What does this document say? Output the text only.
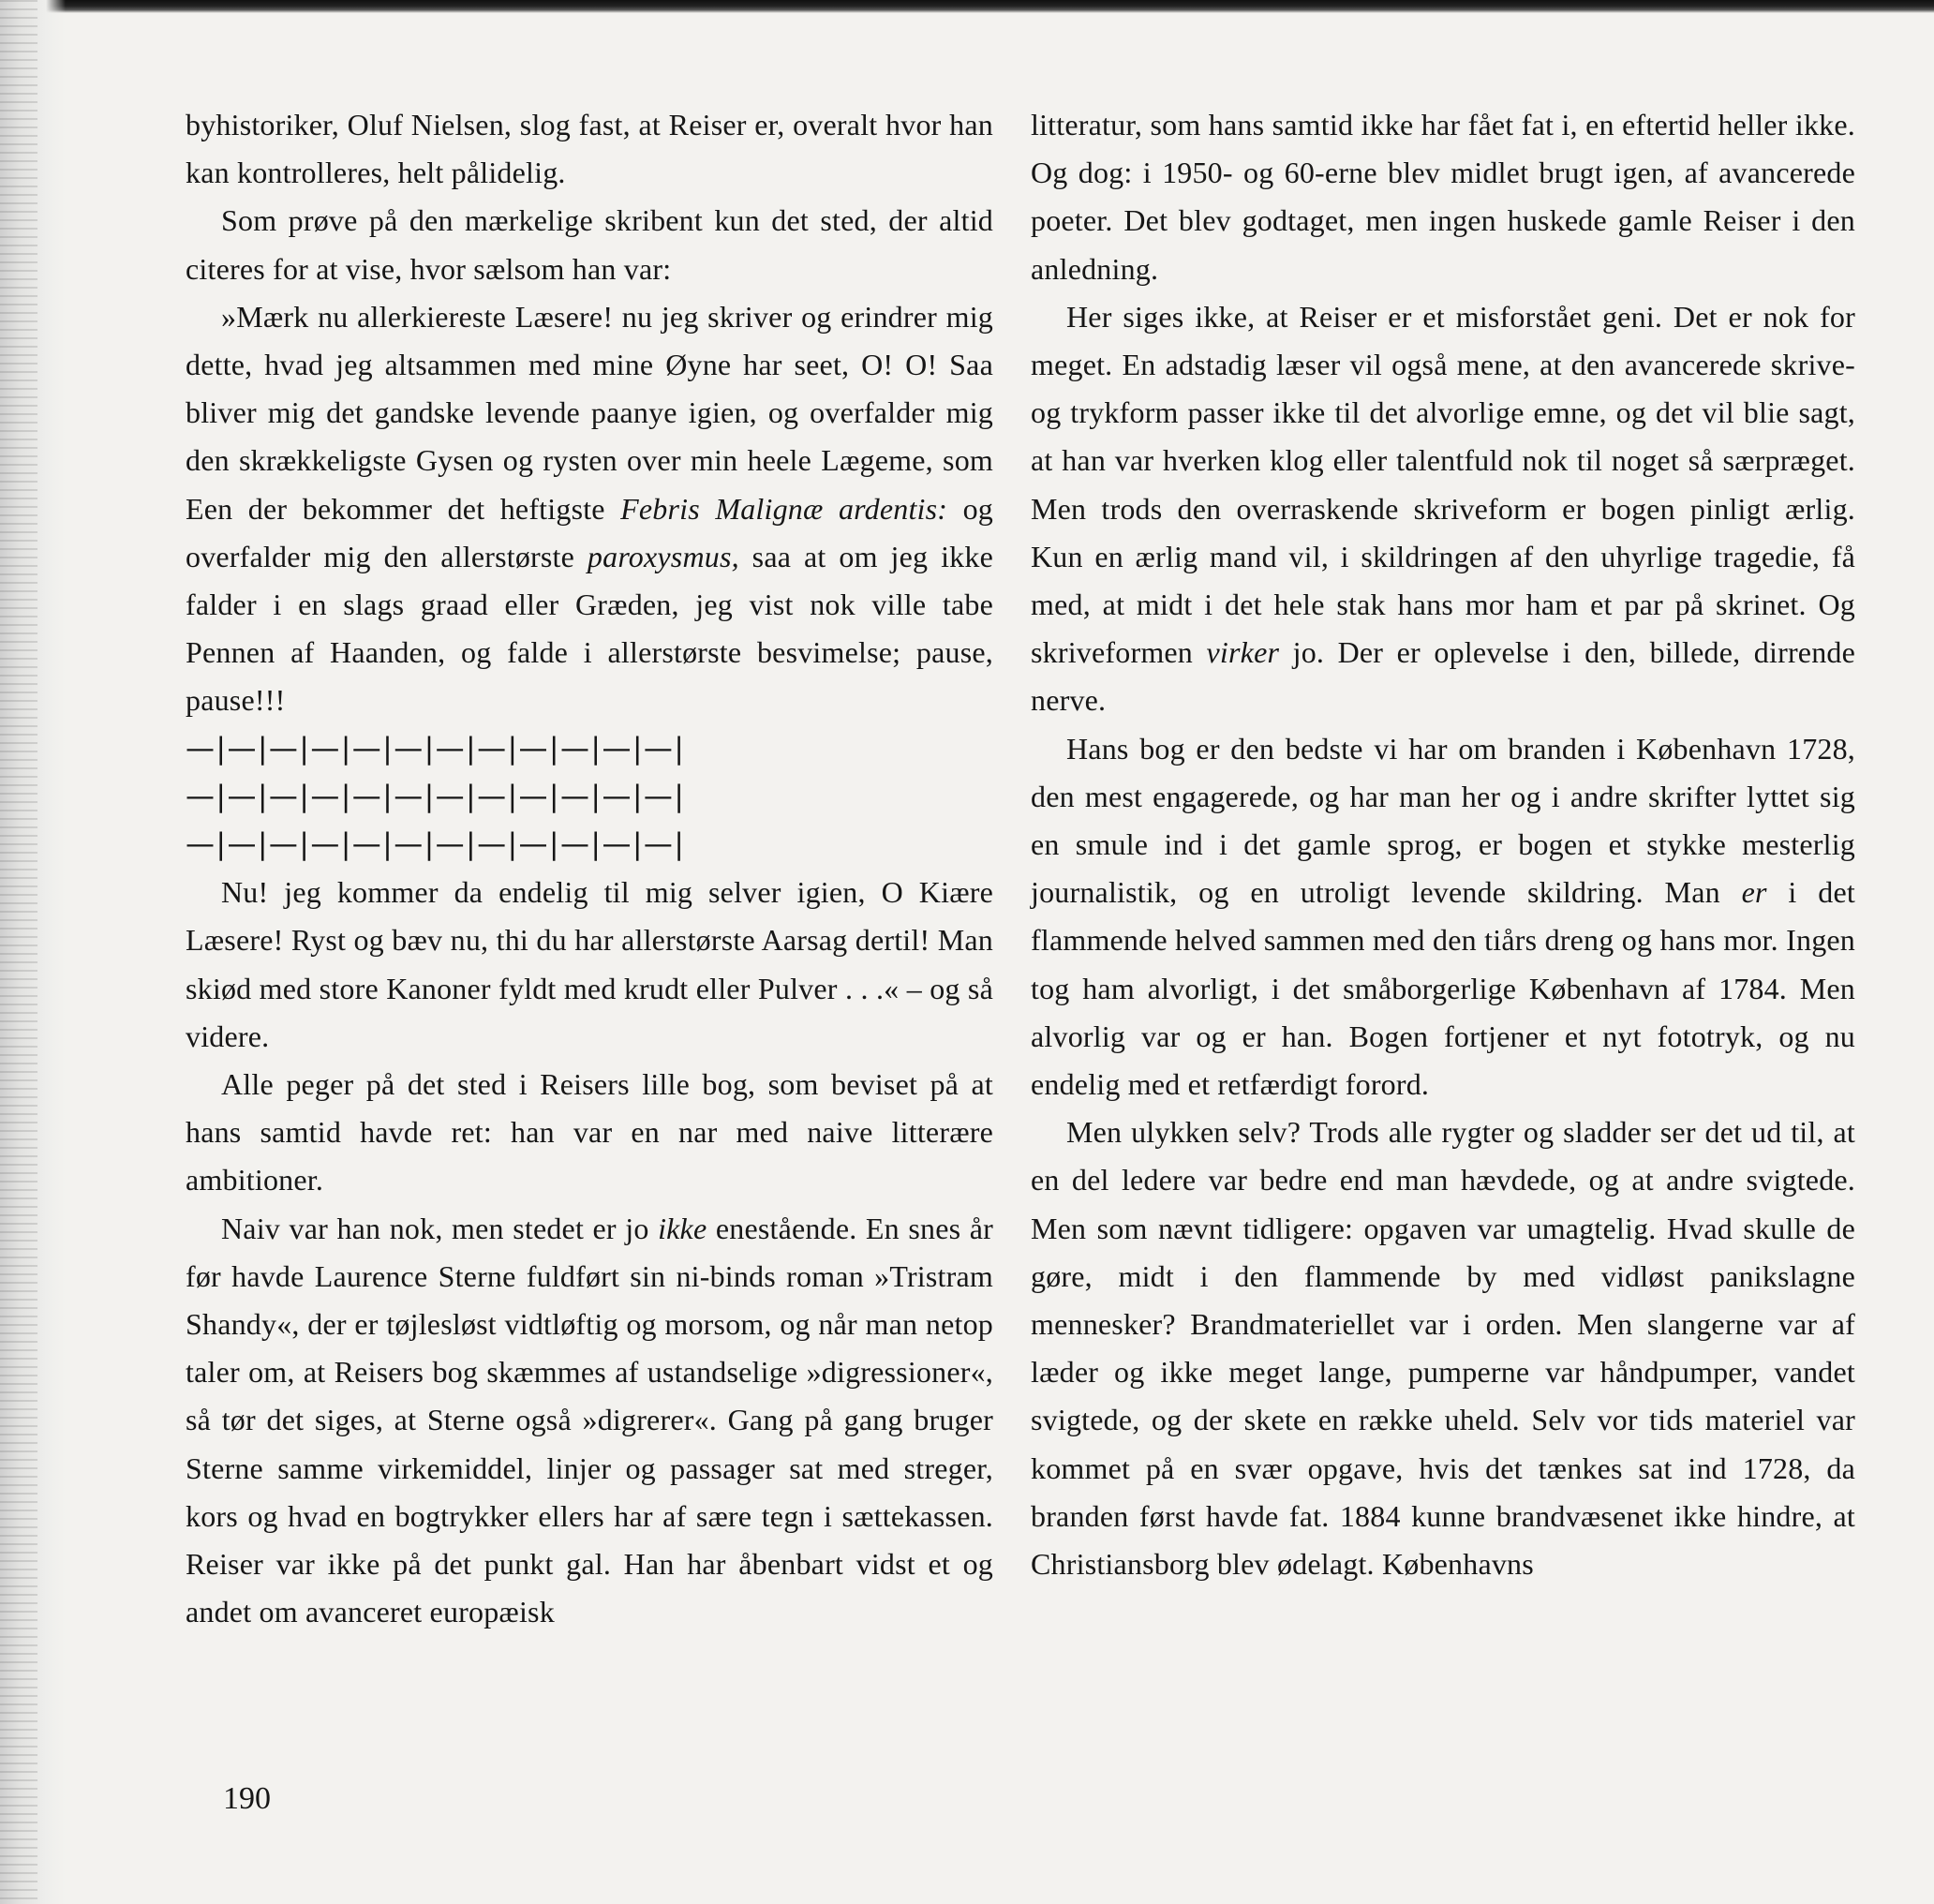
byhistoriker, Oluf Nielsen, slog fast, at Reiser er, overalt hvor han kan kontrolleres, helt pålidelig.

Som prøve på den mærkelige skribent kun det sted, der altid citeres for at vise, hvor sælsom han var:

»Mærk nu allerkiereste Læsere! nu jeg skriver og erindrer mig dette, hvad jeg altsammen med mine Øyne har seet, O! O! Saa bliver mig det gandske levende paanye igien, og overfalder mig den skrækkeligste Gysen og rysten over min heele Lægeme, som Een der bekommer det heftigste Febris Malignæ ardentis: og overfalder mig den allerstørste paroxysmus, saa at om jeg ikke falder i en slags graad eller Græden, jeg vist nok ville tabe Pennen af Haanden, og falde i allerstørste besvimelse; pause, pause!!!

—|—|—|—|—|—|—|—|—|—|—|—|

—|—|—|—|—|—|—|—|—|—|—|—|

—|—|—|—|—|—|—|—|—|—|—|—|

Nu! jeg kommer da endelig til mig selver igien, O Kiære Læsere! Ryst og bæv nu, thi du har allerstørste Aarsag dertil! Man skiød med store Kanoner fyldt med krudt eller Pulver . . .« – og så videre.

Alle peger på det sted i Reisers lille bog, som beviset på at hans samtid havde ret: han var en nar med naive litterære ambitioner.

Naiv var han nok, men stedet er jo ikke enestående. En snes år før havde Laurence Sterne fuldført sin ni-binds roman »Tristram Shandy«, der er tøjlesløst vidtløftig og morsom, og når man netop taler om, at Reisers bog skæmmes af ustandselige »digressioner«, så tør det siges, at Sterne også »digrerer«. Gang på gang bruger Sterne samme virkemiddel, linjer og passager sat med streger, kors og hvad en bogtrykker ellers har af sære tegn i sættekassen. Reiser var ikke på det punkt gal. Han har åbenbart vidst et og andet om avanceret europæisk

litteratur, som hans samtid ikke har fået fat i, en eftertid heller ikke. Og dog: i 1950- og 60-erne blev midlet brugt igen, af avancerede poeter. Det blev godtaget, men ingen huskede gamle Reiser i den anledning.

Her siges ikke, at Reiser er et misforstået geni. Det er nok for meget. En adstadig læser vil også mene, at den avancerede skrive- og trykform passer ikke til det alvorlige emne, og det vil blie sagt, at han var hverken klog eller talentfuld nok til noget så særpræget. Men trods den overraskende skriveform er bogen pinligt ærlig. Kun en ærlig mand vil, i skildringen af den uhyrlige tragedie, få med, at midt i det hele stak hans mor ham et par på skrinet. Og skriveformen virker jo. Der er oplevelse i den, billede, dirrende nerve.

Hans bog er den bedste vi har om branden i København 1728, den mest engagerede, og har man her og i andre skrifter lyttet sig en smule ind i det gamle sprog, er bogen et stykke mesterlig journalistik, og en utroligt levende skildring. Man er i det flammende helved sammen med den tiårs dreng og hans mor. Ingen tog ham alvorligt, i det småborgerlige København af 1784. Men alvorlig var og er han. Bogen fortjener et nyt fototryk, og nu endelig med et retfærdigt forord.

Men ulykken selv? Trods alle rygter og sladder ser det ud til, at en del ledere var bedre end man hævdede, og at andre svigtede. Men som nævnt tidligere: opgaven var umagtelig. Hvad skulle de gøre, midt i den flammende by med vidløst panikslagne mennesker? Brandmateriellet var i orden. Men slangerne var af læder og ikke meget lange, pumperne var håndpumper, vandet svigtede, og der skete en række uheld. Selv vor tids materiel var kommet på en svær opgave, hvis det tænkes sat ind 1728, da branden først havde fat. 1884 kunne brandvæsenet ikke hindre, at Christiansborg blev ødelagt. Københavns

190
